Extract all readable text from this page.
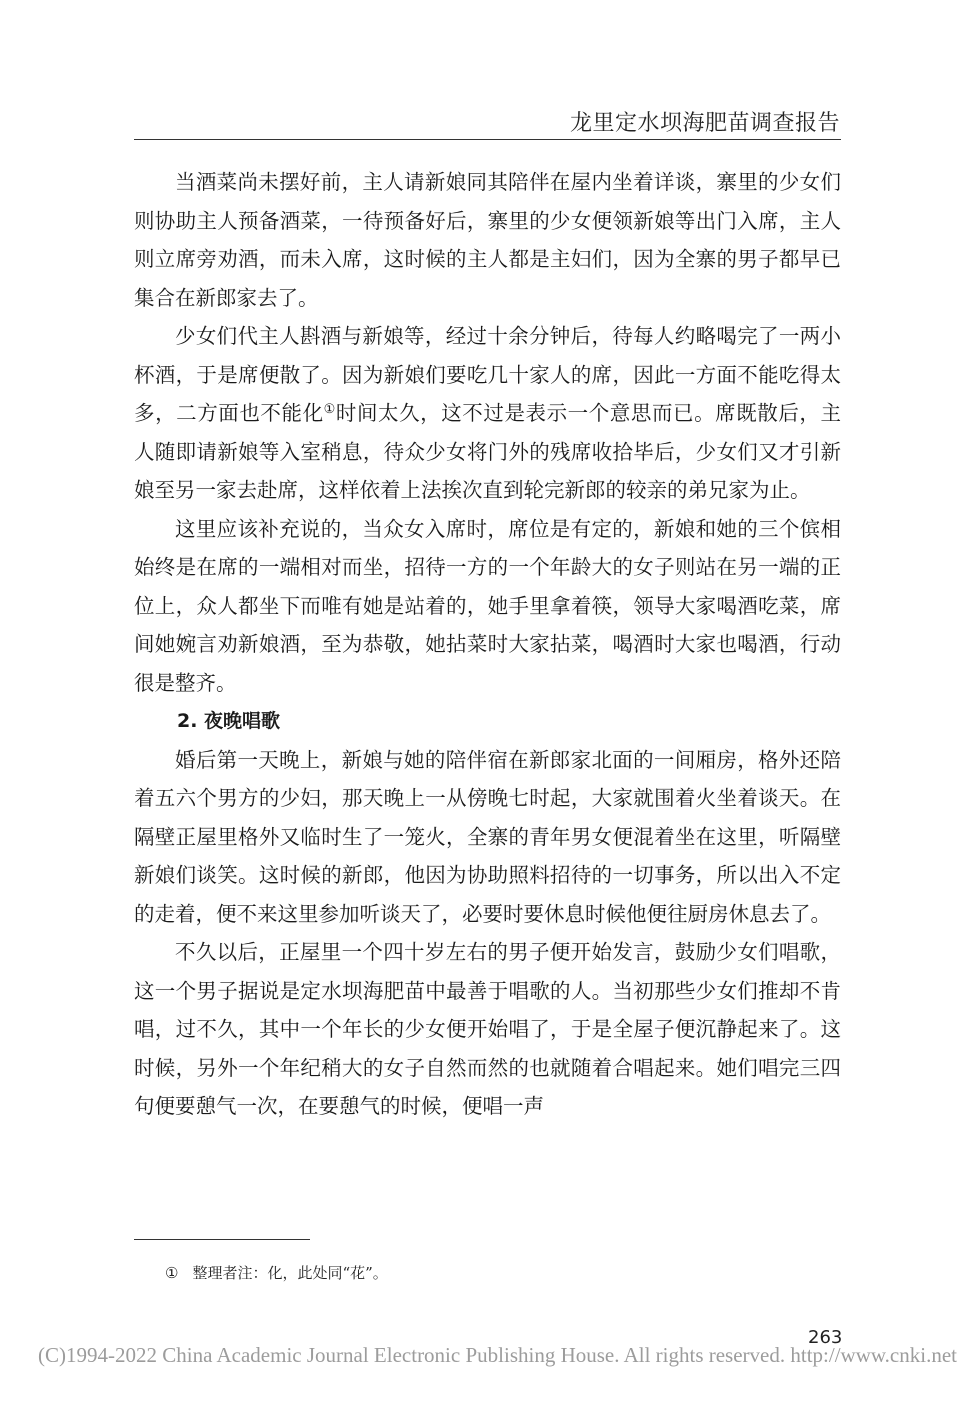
龙里定水坝海肥苗调查报告

当酒菜尚未摆好前，主人请新娘同其陪伴在屋内坐着详谈，寨里的少女们则协助主人预备酒菜，一待预备好后，寨里的少女便领新娘等出门入席，主人则立席旁劝酒，而未入席，这时候的主人都是主妇们，因为全寨的男子都早已集合在新郎家去了。

少女们代主人斟酒与新娘等，经过十余分钟后，待每人约略喝完了一两小杯酒，于是席便散了。因为新娘们要吃几十家人的席，因此一方面不能吃得太多，二方面也不能化①时间太久，这不过是表示一个意思而已。席既散后，主人随即请新娘等入室稍息，待众少女将门外的残席收拾毕后，少女们又才引新娘至另一家去赴席，这样依着上法挨次直到轮完新郎的较亲的弟兄家为止。

这里应该补充说的，当众女入席时，席位是有定的，新娘和她的三个傧相始终是在席的一端相对而坐，招待一方的一个年龄大的女子则站在另一端的正位上，众人都坐下而唯有她是站着的，她手里拿着筷，领导大家喝酒吃菜，席间她婉言劝新娘酒，至为恭敬，她拈菜时大家拈菜，喝酒时大家也喝酒，行动很是整齐。

2. 夜晚唱歌

婚后第一天晚上，新娘与她的陪伴宿在新郎家北面的一间厢房，格外还陪着五六个男方的少妇，那天晚上一从傍晚七时起，大家就围着火坐着谈天。在隔壁正屋里格外又临时生了一笼火，全寨的青年男女便混着坐在这里，听隔壁新娘们谈笑。这时候的新郎，他因为协助照料招待的一切事务，所以出入不定的走着，便不来这里参加听谈天了，必要时要休息时候他便往厨房休息去了。

不久以后，正屋里一个四十岁左右的男子便开始发言，鼓励少女们唱歌，这一个男子据说是定水坝海肥苗中最善于唱歌的人。当初那些少女们推却不肯唱，过不久，其中一个年长的少女便开始唱了，于是全屋子便沉静起来了。这时候，另外一个年纪稍大的女子自然而然的也就随着合唱起来。她们唱完三四句便要憩气一次，在要憩气的时候，便唱一声

① 整理者注：化，此处同“花”。
263
(C)1994-2022 China Academic Journal Electronic Publishing House. All rights reserved. http://www.cnki.net
